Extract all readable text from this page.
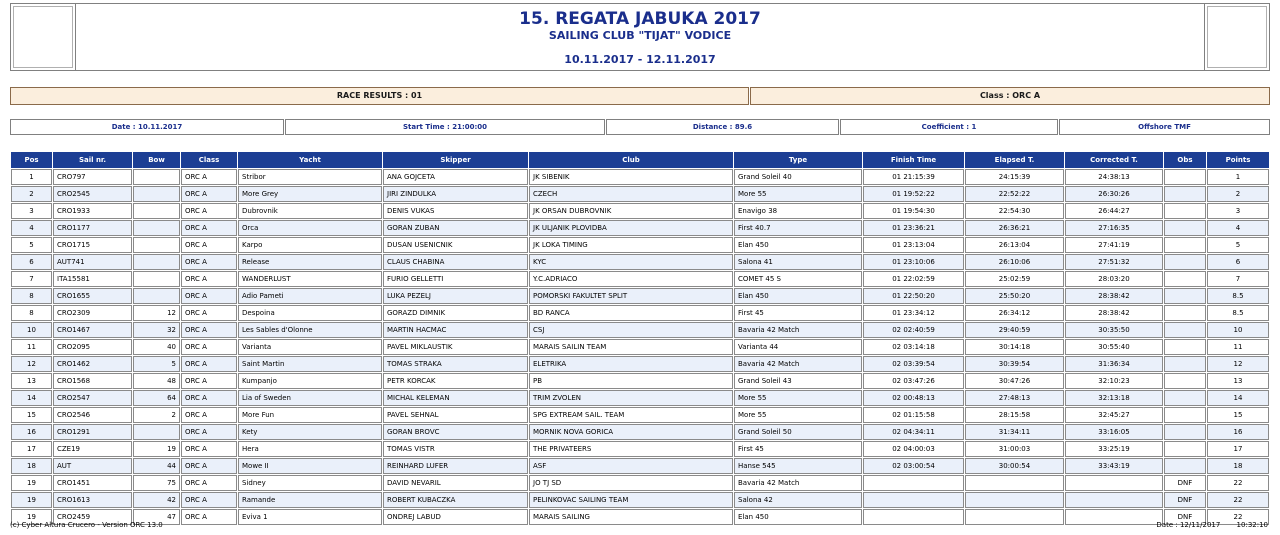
15. REGATA JABUKA 2017
SAILING CLUB "TIJAT" VODICE
10.11.2017 - 12.11.2017
RACE RESULTS : 01	Class : ORC A
Date : 10.11.2017	Start Time : 21:00:00	Distance : 89.6	Coefficient : 1	Offshore TMF
Pos	Sail nr.	Bow	Class	Yacht	Skipper	Club	Type	Finish Time	Elapsed T.	Corrected T.	Obs	Points
1	CRO797		ORC A	Stribor	ANA GOJCETA	JK SIBENIK	Grand Soleil 40	01 21:15:39	24:15:39	24:38:13		1
2	CRO2545		ORC A	More Grey	JIRI ZINDULKA	CZECH	More 55	01 19:52:22	22:52:22	26:30:26		2
3	CRO1933		ORC A	Dubrovnik	DENIS VUKAS	JK ORSAN DUBROVNIK	Enavigo 38	01 19:54:30	22:54:30	26:44:27		3
4	CRO1177		ORC A	Orca	GORAN ZUBAN	JK ULJANIK PLOVIDBA	First 40.7	01 23:36:21	26:36:21	27:16:35		4
5	CRO1715		ORC A	Karpo	DUSAN USENICNIK	JK LOKA TIMING	Elan 450	01 23:13:04	26:13:04	27:41:19		5
6	AUT741		ORC A	Release	CLAUS CHABINA	KYC	Salona 41	01 23:10:06	26:10:06	27:51:32		6
7	ITA15581		ORC A	WANDERLUST	FURIO GELLETTI	Y.C.ADRIACO	COMET 45 S	01 22:02:59	25:02:59	28:03:20		7
8	CRO1655		ORC A	Adio Pameti	LUKA PEZELJ	POMORSKI FAKULTET SPLIT	Elan 450	01 22:50:20	25:50:20	28:38:42		8.5
8	CRO2309	12	ORC A	Despoina	GORAZD DIMNIK	BD RANCA	First 45	01 23:34:12	26:34:12	28:38:42		8.5
10	CRO1467	32	ORC A	Les Sables d'Olonne	MARTIN HACMAC	CSJ	Bavaria 42 Match	02 02:40:59	29:40:59	30:35:50		10
11	CRO2095	40	ORC A	Varianta	PAVEL MIKLAUSTIK	MARAIS SAILIN TEAM	Varianta 44	02 03:14:18	30:14:18	30:55:40		11
12	CRO1462	5	ORC A	Saint Martin	TOMAS STRAKA	ELETRIKA	Bavaria 42 Match	02 03:39:54	30:39:54	31:36:34		12
13	CRO1568	48	ORC A	Kumpanjo	PETR KORCAK	PB	Grand Soleil 43	02 03:47:26	30:47:26	32:10:23		13
14	CRO2547	64	ORC A	Lia of Sweden	MICHAL KELEMAN	TRIM ZVOLEN	More 55	02 00:48:13	27:48:13	32:13:18		14
15	CRO2546	2	ORC A	More Fun	PAVEL SEHNAL	SPG EXTREAM SAIL. TEAM	More 55	02 01:15:58	28:15:58	32:45:27		15
16	CRO1291		ORC A	Kety	GORAN BROVC	MORNIK NOVA GORICA	Grand Soleil 50	02 04:34:11	31:34:11	33:16:05		16
17	CZE19	19	ORC A	Hera	TOMAS VISTR	THE PRIVATEERS	First 45	02 04:00:03	31:00:03	33:25:19		17
18	AUT	44	ORC A	Mowe II	REINHARD LUFER	ASF	Hanse 545	02 03:00:54	30:00:54	33:43:19		18
19	CRO1451	75	ORC A	Sidney	DAVID NEVARIL	JO TJ SD	Bavaria 42 Match				DNF	22
19	CRO1613	42	ORC A	Ramande	ROBERT KUBACZKA	PELINKOVAC SAILING TEAM	Salona 42				DNF	22
19	CRO2459	47	ORC A	Eviva 1	ONDREJ LABUD	MARAIS SAILING	Elan 450				DNF	22
(c) Cyber Altura Crucero - Version ORC 13.0	Date : 12/11/2017 10:32:10
